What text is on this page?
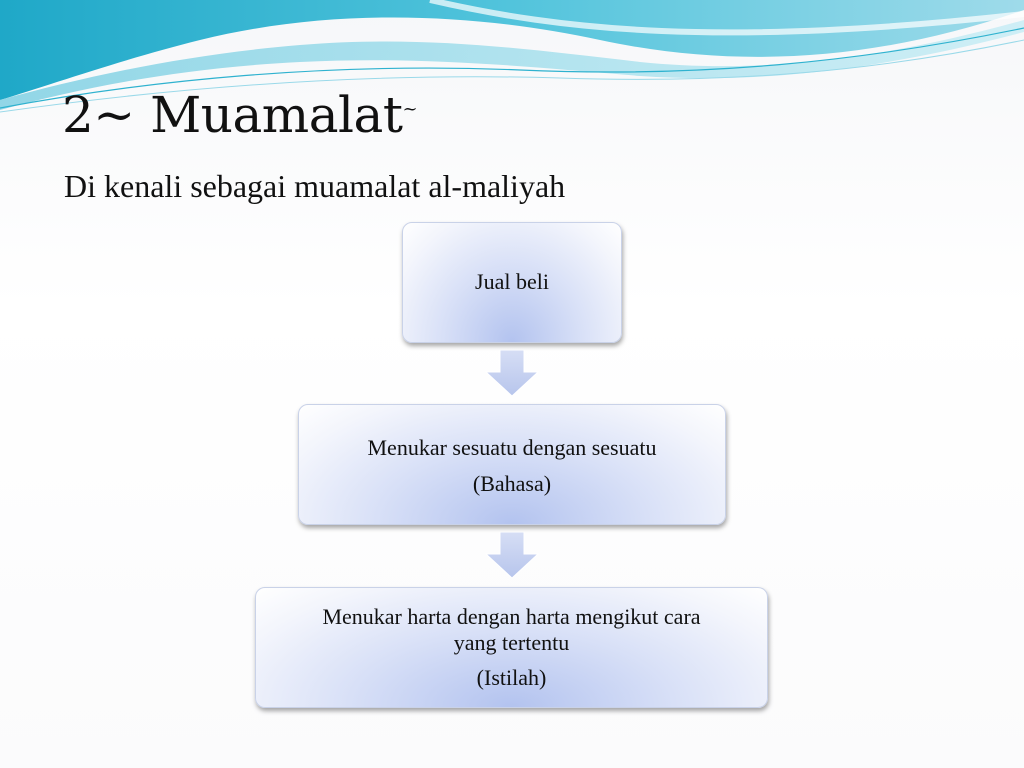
2~ Muamalat~
Di kenali sebagai muamalat al-maliyah
Jual beli
Menukar sesuatu dengan sesuatu
(Bahasa)
Menukar harta dengan harta mengikut cara
yang tertentu
(Istilah)
